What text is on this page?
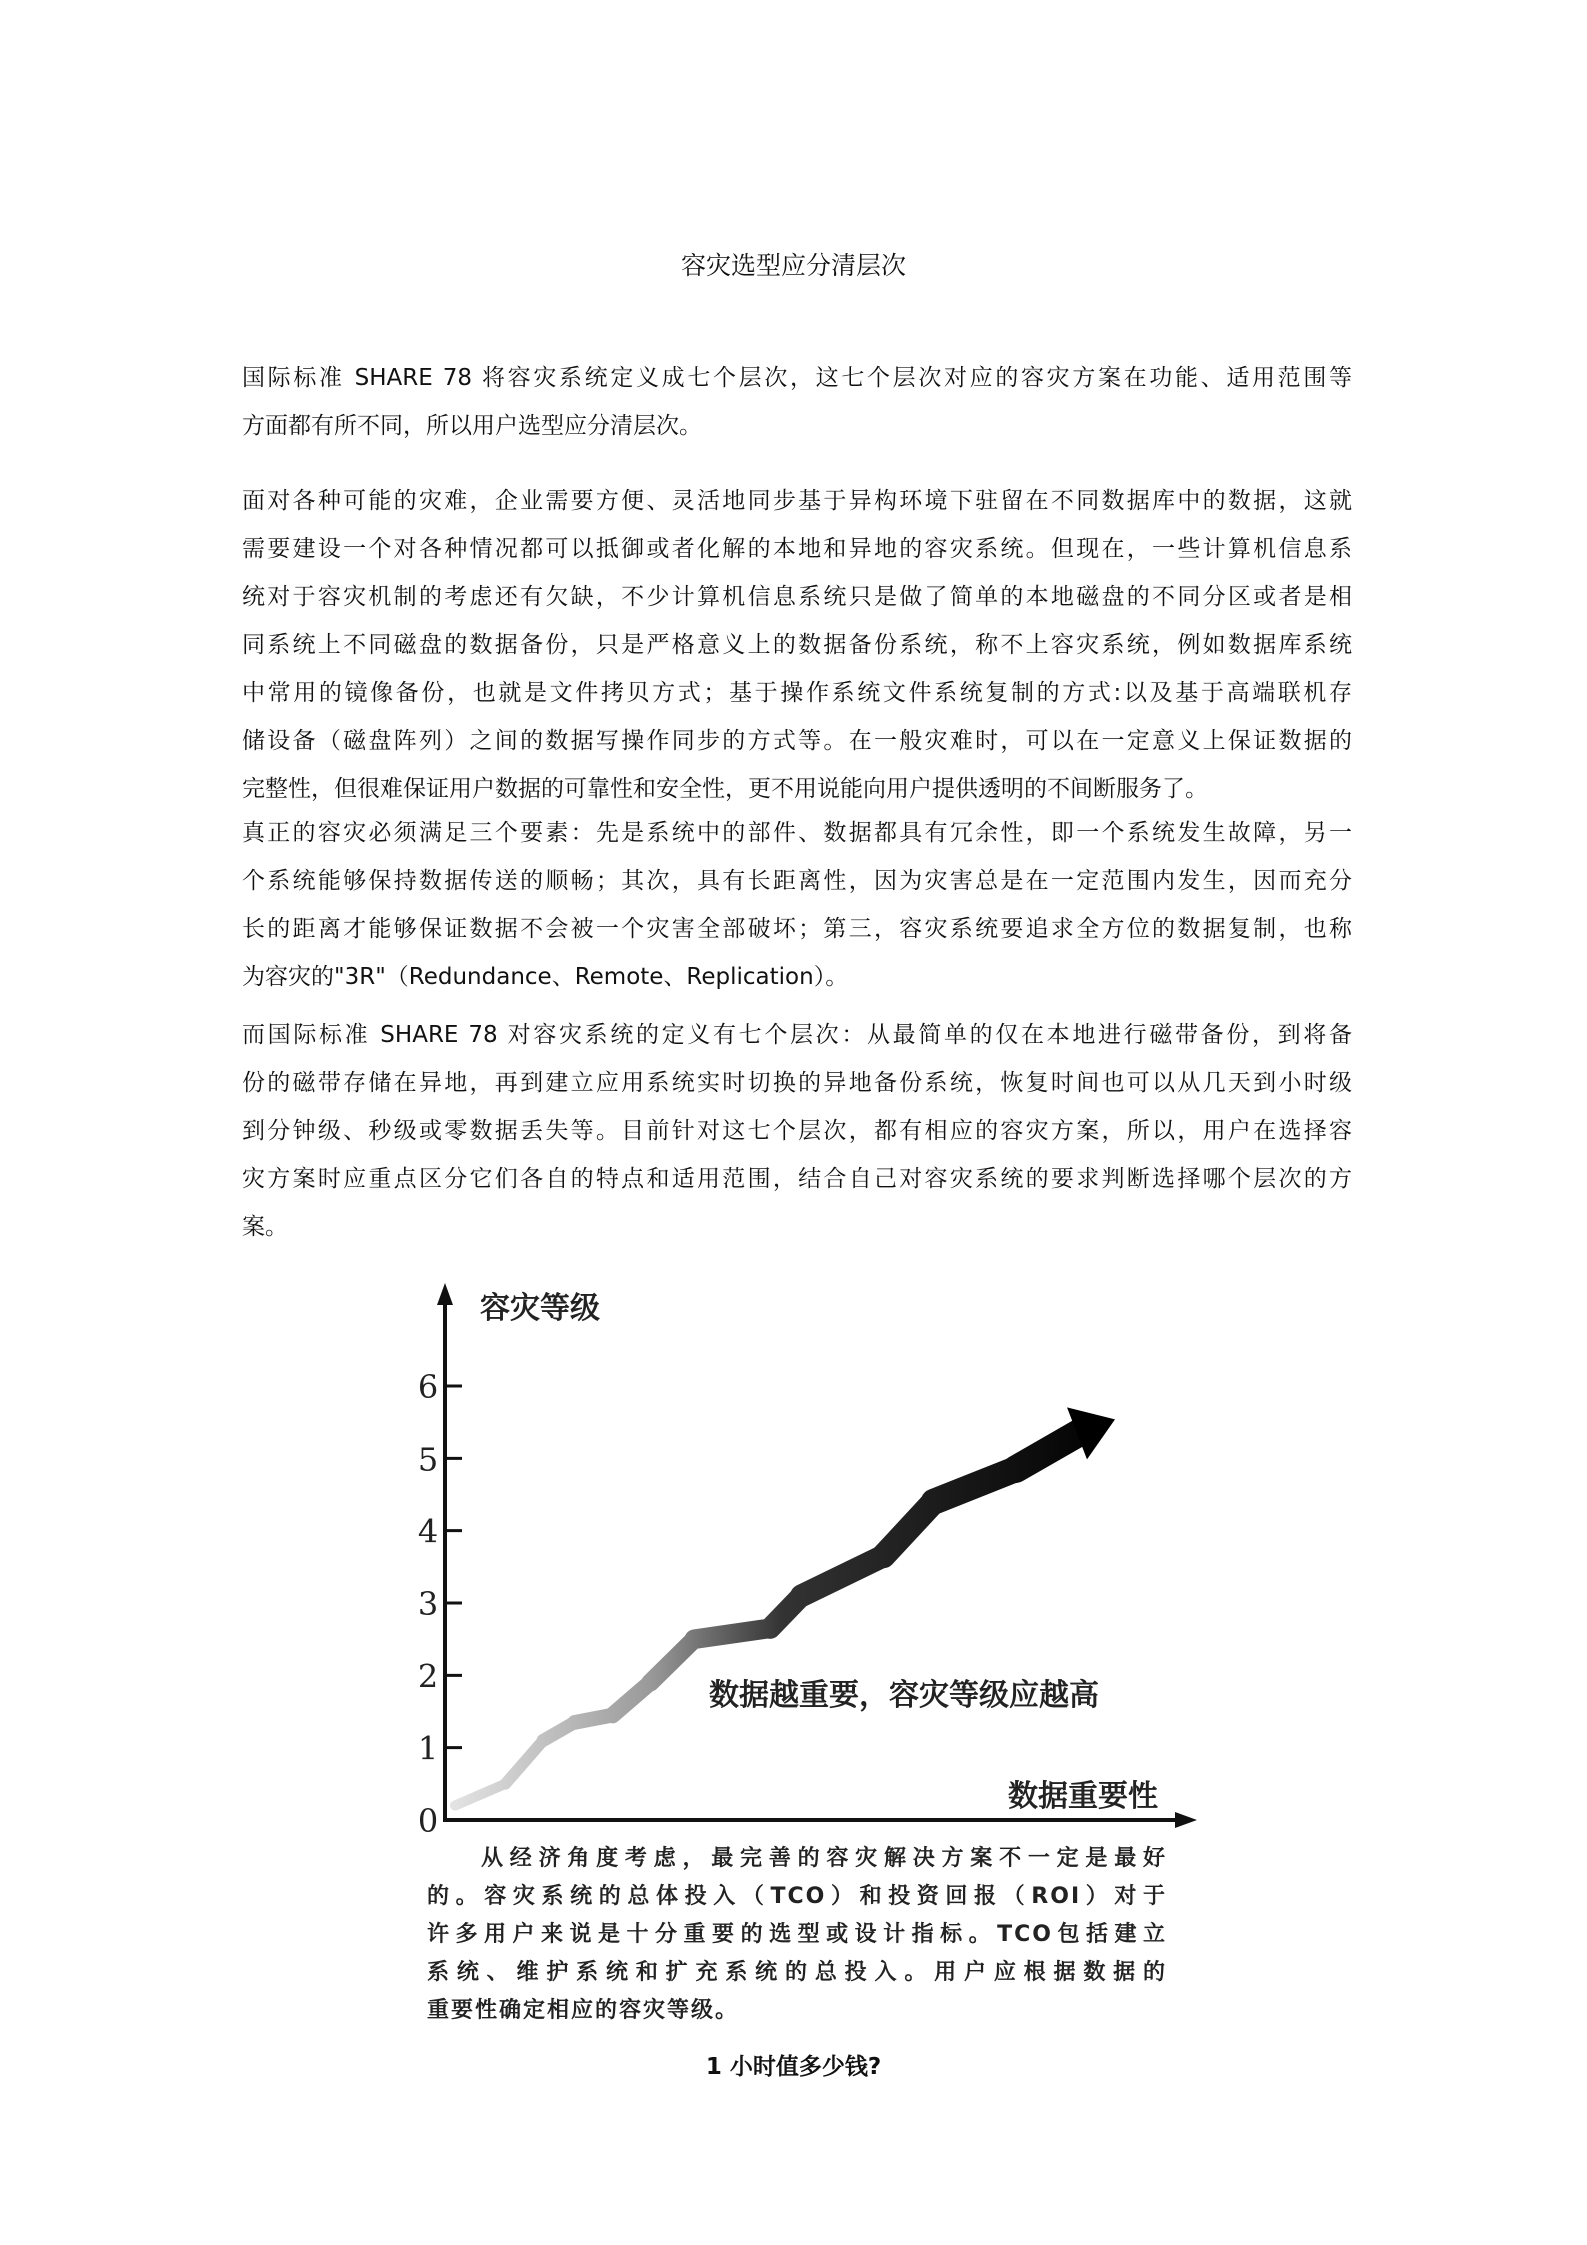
容灾选型应分清层次
国际标准 SHARE 78 将容灾系统定义成七个层次，这七个层次对应的容灾方案在功能、适用范围等
方面都有所不同，所以用户选型应分清层次。
面对各种可能的灾难，企业需要方便、灵活地同步基于异构环境下驻留在不同数据库中的数据，这就
需要建设一个对各种情况都可以抵御或者化解的本地和异地的容灾系统。但现在，一些计算机信息系
统对于容灾机制的考虑还有欠缺，不少计算机信息系统只是做了简单的本地磁盘的不同分区或者是相
同系统上不同磁盘的数据备份，只是严格意义上的数据备份系统，称不上容灾系统，例如数据库系统
中常用的镜像备份，也就是文件拷贝方式；基于操作系统文件系统复制的方式:以及基于高端联机存
储设备（磁盘阵列）之间的数据写操作同步的方式等。在一般灾难时，可以在一定意义上保证数据的
完整性，但很难保证用户数据的可靠性和安全性，更不用说能向用户提供透明的不间断服务了。
真正的容灾必须满足三个要素：先是系统中的部件、数据都具有冗余性，即一个系统发生故障，另一
个系统能够保持数据传送的顺畅；其次，具有长距离性，因为灾害总是在一定范围内发生，因而充分
长的距离才能够保证数据不会被一个灾害全部破坏；第三，容灾系统要追求全方位的数据复制，也称
为容灾的"3R"（Redundance、Remote、Replication）。
而国际标准 SHARE 78 对容灾系统的定义有七个层次：从最简单的仅在本地进行磁带备份，到将备
份的磁带存储在异地，再到建立应用系统实时切换的异地备份系统，恢复时间也可以从几天到小时级
到分钟级、秒级或零数据丢失等。目前针对这七个层次，都有相应的容灾方案，所以，用户在选择容
灾方案时应重点区分它们各自的特点和适用范围，结合自己对容灾系统的要求判断选择哪个层次的方
案。
0
1
2
3
4
5
6
容灾等级
数据重要性
数据越重要，容灾等级应越高
从经济角度考虑，最完善的容灾解决方案不一定是最好
的。容灾系统的总体投入（TCO）和投资回报（ROI）对于
许多用户来说是十分重要的选型或设计指标。TCO包括建立
系统、维护系统和扩充系统的总投入。用户应根据数据的
重要性确定相应的容灾等级。
1 小时值多少钱?
